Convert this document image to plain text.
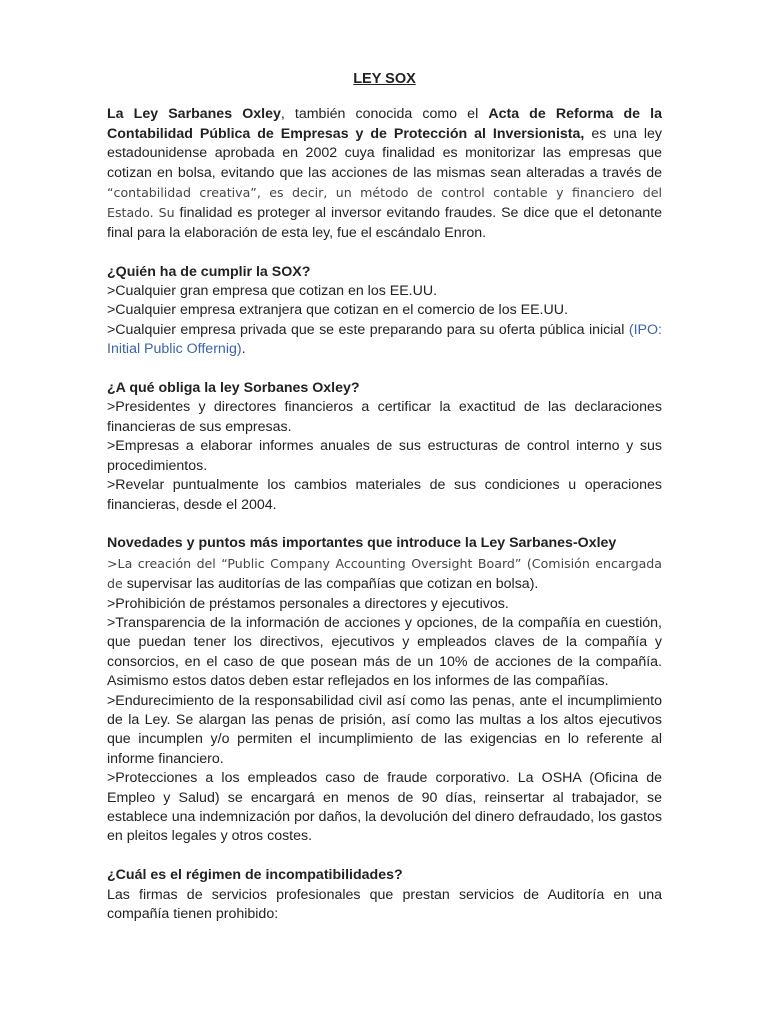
LEY SOX

La Ley Sarbanes Oxley, también conocida como el Acta de Reforma de la Contabilidad Pública de Empresas y de Protección al Inversionista, es una ley estadounidense aprobada en 2002 cuya finalidad es monitorizar las empresas que cotizan en bolsa, evitando que las acciones de las mismas sean alteradas a través de “contabilidad creativa”, es decir, un método de control contable y financiero del Estado. Su finalidad es proteger al inversor evitando fraudes. Se dice que el detonante final para la elaboración de esta ley, fue el escándalo Enron.

¿Quién ha de cumplir la SOX?

>Cualquier gran empresa que cotizan en los EE.UU.

>Cualquier empresa extranjera que cotizan en el comercio de los EE.UU.

>Cualquier empresa privada que se este preparando para su oferta pública inicial (IPO: Initial Public Offernig).

¿A qué obliga la ley Sorbanes Oxley?

>Presidentes y directores financieros a certificar la exactitud de las declaraciones financieras de sus empresas.

>Empresas a elaborar informes anuales de sus estructuras de control interno y sus procedimientos.

>Revelar puntualmente los cambios materiales de sus condiciones u operaciones financieras, desde el 2004.

Novedades y puntos más importantes que introduce la Ley Sarbanes-Oxley

>La creación del “Public Company Accounting Oversight Board” (Comisión encargada de supervisar las auditorías de las compañías que cotizan en bolsa).

>Prohibición de préstamos personales a directores y ejecutivos.

>Transparencia de la información de acciones y opciones, de la compañía en cuestión, que puedan tener los directivos, ejecutivos y empleados claves de la compañía y consorcios, en el caso de que posean más de un 10% de acciones de la compañía. Asimismo estos datos deben estar reflejados en los informes de las compañías.

>Endurecimiento de la responsabilidad civil así como las penas, ante el incumplimiento de la Ley. Se alargan las penas de prisión, así como las multas a los altos ejecutivos que incumplen y/o permiten el incumplimiento de las exigencias en lo referente al informe financiero.

>Protecciones a los empleados caso de fraude corporativo. La OSHA (Oficina de Empleo y Salud) se encargará en menos de 90 días, reinsertar al trabajador, se establece una indemnización por daños, la devolución del dinero defraudado, los gastos en pleitos legales y otros costes.

¿Cuál es el régimen de incompatibilidades?

Las firmas de servicios profesionales que prestan servicios de Auditoría en una compañía tienen prohibido:
